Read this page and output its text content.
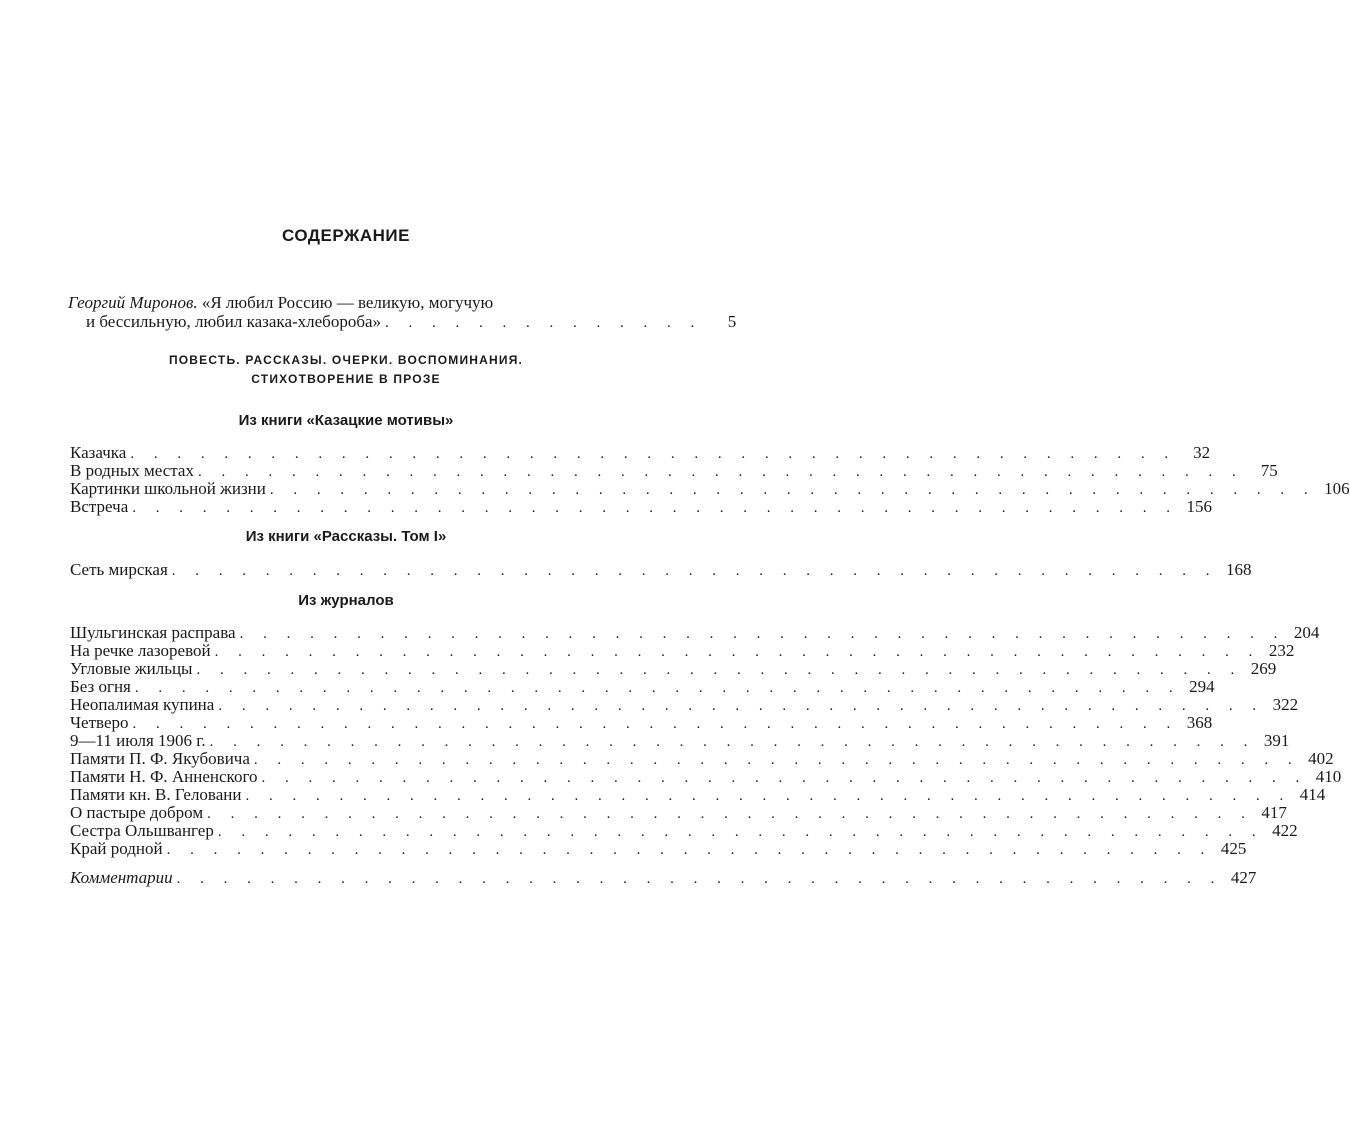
СОДЕРЖАНИЕ
Георгий Миронов. «Я любил Россию — великую, могучую
и бессильную, любил казака-хлебороба» . . . . . . . . . . . . . .	5
ПОВЕСТЬ. РАССКАЗЫ. ОЧЕРКИ. ВОСПОМИНАНИЯ.
СТИХОТВОРЕНИЕ В ПРОЗЕ
Из книги «Казацкие мотивы»
Казачка . . . . . . . . . . . . . . . . . . . . . . . . . . . . . . . . . . . . . . . . . . . . .	32
В родных местах . . . . . . . . . . . . . . . . . . . . . . . . . . . . . . . . . . . . . . . . . . . . .	75
Картинки школьной жизни . . . . . . . . . . . . . . . . . . . . . . . . . . . . . . . . . . . . . . . . . . . . . 106
Встреча . . . . . . . . . . . . . . . . . . . . . . . . . . . . . . . . . . . . . . . . . . . . . 156
Из книги «Рассказы. Том I»
Сеть мирская . . . . . . . . . . . . . . . . . . . . . . . . . . . . . . . . . . . . . . . . . . . . . 168
Из журналов
Шульгинская расправа . . . . . . . . . . . . . . . . . . . . . . . . . . . . . . . . . . . . . . . . . . . . . 204
На речке лазоревой . . . . . . . . . . . . . . . . . . . . . . . . . . . . . . . . . . . . . . . . . . . . . 232
Угловые жильцы . . . . . . . . . . . . . . . . . . . . . . . . . . . . . . . . . . . . . . . . . . . . . 269
Без огня . . . . . . . . . . . . . . . . . . . . . . . . . . . . . . . . . . . . . . . . . . . . . 294
Неопалимая купина . . . . . . . . . . . . . . . . . . . . . . . . . . . . . . . . . . . . . . . . . . . . . 322
Четверо . . . . . . . . . . . . . . . . . . . . . . . . . . . . . . . . . . . . . . . . . . . . . 368
9—11 июля 1906 г. . . . . . . . . . . . . . . . . . . . . . . . . . . . . . . . . . . . . . . . . . . . . . 391
Памяти П. Ф. Якубовича . . . . . . . . . . . . . . . . . . . . . . . . . . . . . . . . . . . . . . . . . . . . . 402
Памяти Н. Ф. Анненского . . . . . . . . . . . . . . . . . . . . . . . . . . . . . . . . . . . . . . . . . . . . . 410
Памяти кн. В. Геловани . . . . . . . . . . . . . . . . . . . . . . . . . . . . . . . . . . . . . . . . . . . . . 414
О пастыре добром . . . . . . . . . . . . . . . . . . . . . . . . . . . . . . . . . . . . . . . . . . . . . 417
Сестра Ольшвангер . . . . . . . . . . . . . . . . . . . . . . . . . . . . . . . . . . . . . . . . . . . . . 422
Край родной . . . . . . . . . . . . . . . . . . . . . . . . . . . . . . . . . . . . . . . . . . . . . 425
Комментарии . . . . . . . . . . . . . . . . . . . . . . . . . . . . . . . . . . . . . . . . . . . . . 427
